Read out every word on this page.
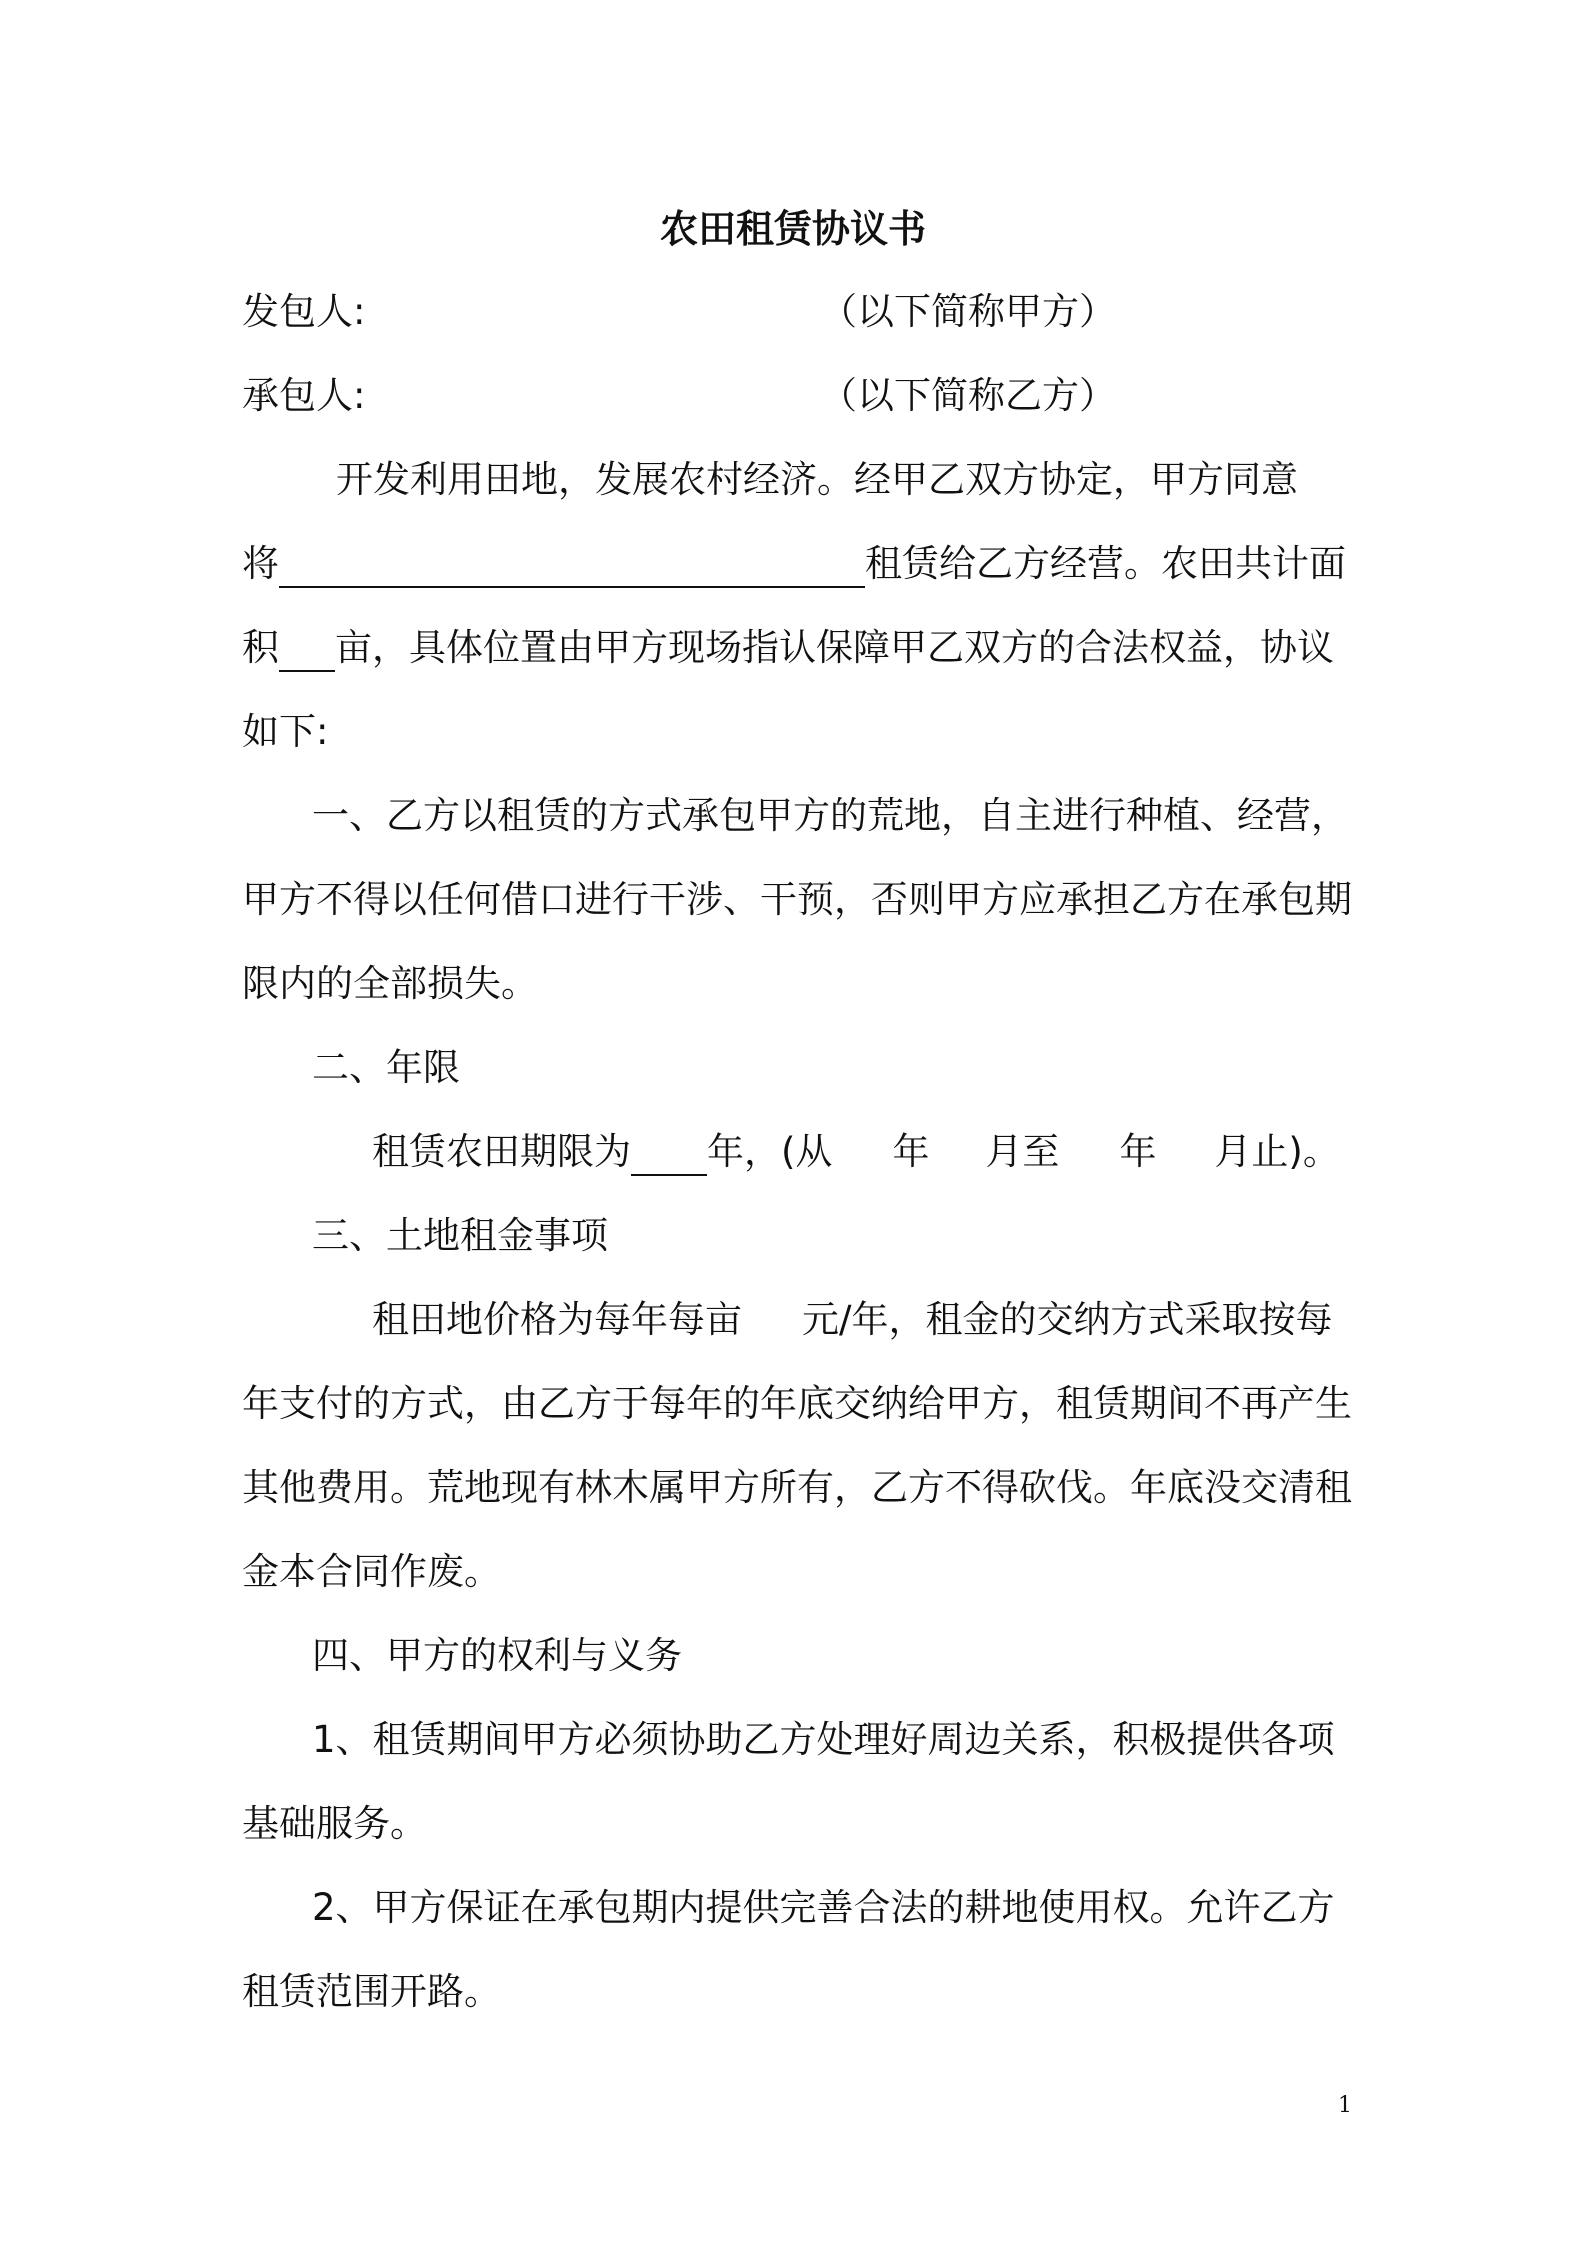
农田租赁协议书

发包人:	（以下简称甲方）

承包人:	（以下简称乙方）

开发利用田地，发展农村经济。经甲乙双方协定，甲方同意

将	租赁给乙方经营。农田共计面

积 亩，具体位置由甲方现场指认保障甲乙双方的合法权益，协议

如下:

一、乙方以租赁的方式承包甲方的荒地，自主进行种植、经营，

甲方不得以任何借口进行干涉、干预，否则甲方应承担乙方在承包期

限内的全部损失。

二、年限

租赁农田期限为 年，(从 年 月至 年 月止)。

三、土地租金事项

租田地价格为每年每亩 元/年，租金的交纳方式采取按每

年支付的方式，由乙方于每年的年底交纳给甲方，租赁期间不再产生

其他费用。荒地现有林木属甲方所有，乙方不得砍伐。年底没交清租

金本合同作废。

四、甲方的权利与义务

1、租赁期间甲方必须协助乙方处理好周边关系，积极提供各项

基础服务。

2、甲方保证在承包期内提供完善合法的耕地使用权。允许乙方

租赁范围开路。

1
